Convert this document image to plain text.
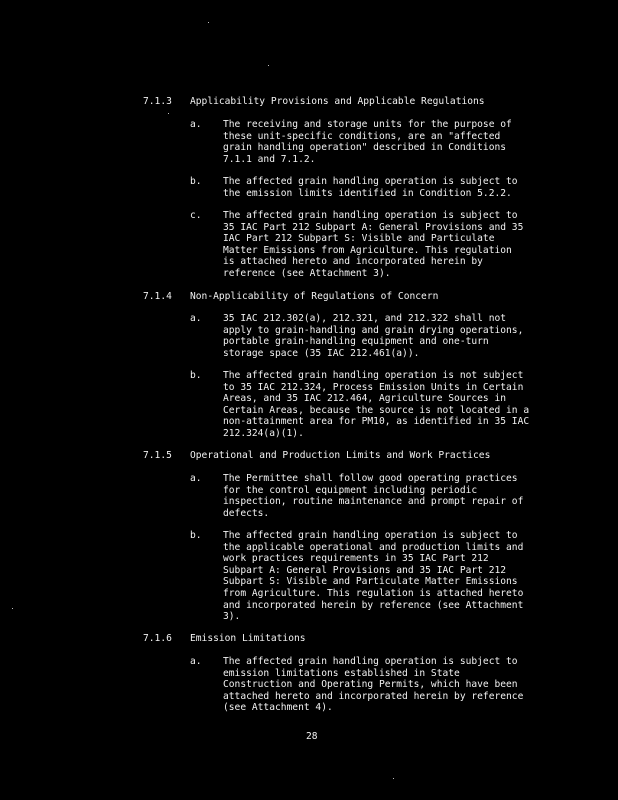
7.1.3 Applicability Provisions and Applicable Regulations
a. The receiving and storage units for the purpose of
these unit-specific conditions, are an "affected
grain handling operation" described in Conditions
7.1.1 and 7.1.2.
b. The affected grain handling operation is subject to
the emission limits identified in Condition 5.2.2.
c. The affected grain handling operation is subject to
35 IAC Part 212 Subpart A: General Provisions and 35
IAC Part 212 Subpart S: Visible and Particulate
Matter Emissions from Agriculture. This regulation
is attached hereto and incorporated herein by
reference (see Attachment 3).
7.1.4 Non-Applicability of Regulations of Concern
a. 35 IAC 212.302(a), 212.321, and 212.322 shall not
apply to grain-handling and grain drying operations,
portable grain-handling equipment and one-turn
storage space (35 IAC 212.461(a)).
b. The affected grain handling operation is not subject
to 35 IAC 212.324, Process Emission Units in Certain
Areas, and 35 IAC 212.464, Agriculture Sources in
Certain Areas, because the source is not located in a
non-attainment area for PM10, as identified in 35 IAC
212.324(a)(1).
7.1.5 Operational and Production Limits and Work Practices
a. The Permittee shall follow good operating practices
for the control equipment including periodic
inspection, routine maintenance and prompt repair of
defects.
b. The affected grain handling operation is subject to
the applicable operational and production limits and
work practices requirements in 35 IAC Part 212
Subpart A: General Provisions and 35 IAC Part 212
Subpart S: Visible and Particulate Matter Emissions
from Agriculture. This regulation is attached hereto
and incorporated herein by reference (see Attachment
3).
7.1.6 Emission Limitations
a. The affected grain handling operation is subject to
emission limitations established in State
Construction and Operating Permits, which have been
attached hereto and incorporated herein by reference
(see Attachment 4).
28
